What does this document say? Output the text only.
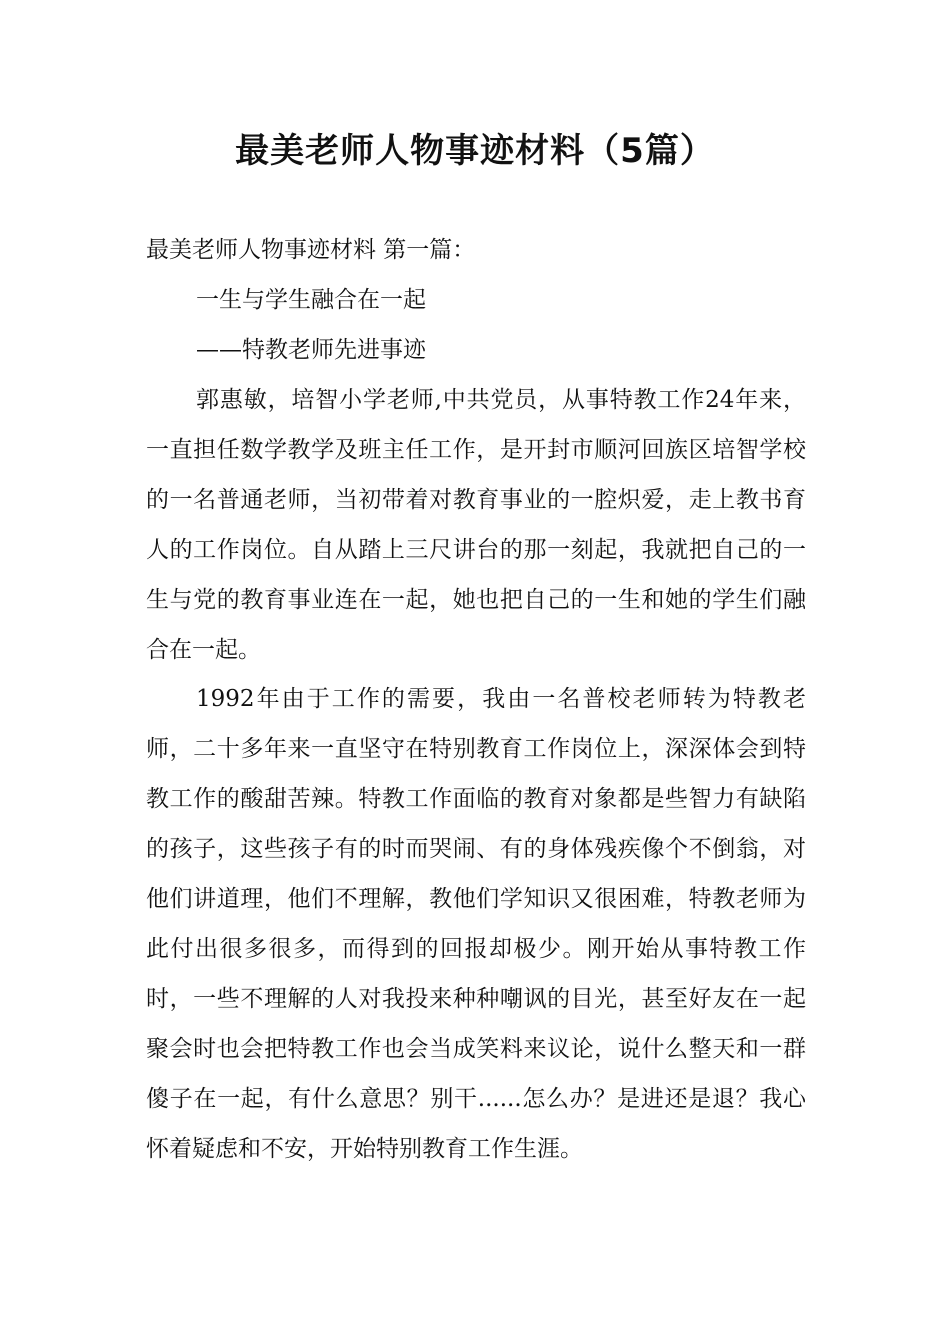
最美老师人物事迹材料（5篇）

最美老师人物事迹材料 第一篇：

一生与学生融合在一起

——特教老师先进事迹

郭惠敏，培智小学老师,中共党员，从事特教工作24年来，一直担任数学教学及班主任工作，是开封市顺河回族区培智学校的一名普通老师，当初带着对教育事业的一腔炽爱，走上教书育人的工作岗位。自从踏上三尺讲台的那一刻起，我就把自己的一生与党的教育事业连在一起，她也把自己的一生和她的学生们融合在一起。

1992年由于工作的需要，我由一名普校老师转为特教老师，二十多年来一直坚守在特别教育工作岗位上，深深体会到特教工作的酸甜苦辣。特教工作面临的教育对象都是些智力有缺陷的孩子，这些孩子有的时而哭闹、有的身体残疾像个不倒翁，对他们讲道理，他们不理解，教他们学知识又很困难，特教老师为此付出很多很多，而得到的回报却极少。刚开始从事特教工作时，一些不理解的人对我投来种种嘲讽的目光，甚至好友在一起聚会时也会把特教工作也会当成笑料来议论，说什么整天和一群傻子在一起，有什么意思？别干......怎么办？是进还是退？我心怀着疑虑和不安，开始特别教育工作生涯。
